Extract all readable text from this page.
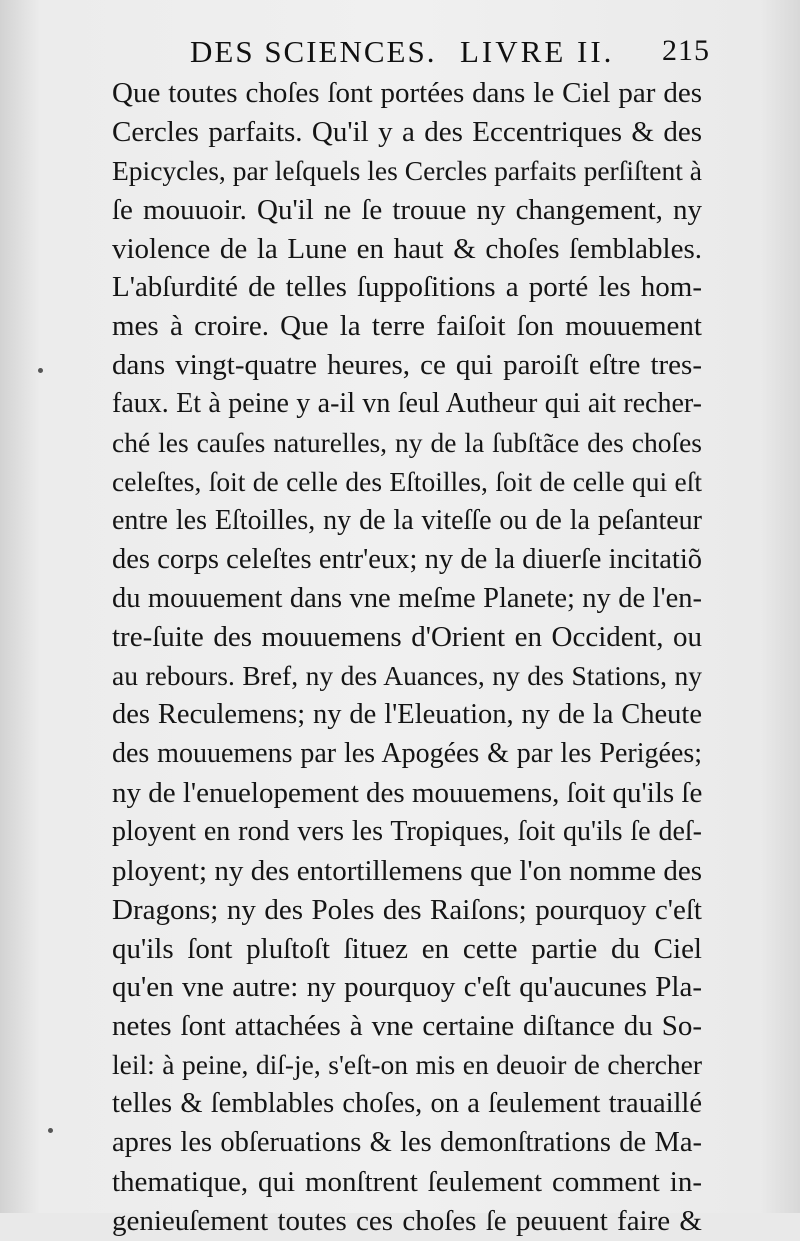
DES SCIENCES. LIVRE II. 215
Que toutes choſes ſont portées dans le Ciel par des
Cercles parfaits. Qu'il y a des Eccentriques & des
Epicycles, par leſquels les Cercles parfaits perſiſtent à
ſe mouuoir. Qu'il ne ſe trouue ny changement, ny
violence de la Lune en haut & choſes ſemblables.
L'abſurdité de telles ſuppoſitions a porté les hom-
mes à croire. Que la terre faiſoit ſon mouuement
dans vingt-quatre heures, ce qui paroiſt eſtre tres-
faux. Et à peine y a-il vn ſeul Autheur qui ait recher-
ché les cauſes naturelles, ny de la ſubſtãce des choſes
celeſtes, ſoit de celle des Eſtoilles, ſoit de celle qui eſt
entre les Eſtoilles, ny de la viteſſe ou de la peſanteur
des corps celeſtes entr'eux; ny de la diuerſe incitatiõ
du mouuement dans vne meſme Planete; ny de l'en-
tre-ſuite des mouuemens d'Orient en Occident, ou
au rebours. Bref, ny des Auances, ny des Stations, ny
des Reculemens; ny de l'Eleuation, ny de la Cheute
des mouuemens par les Apogées & par les Perigées;
ny de l'enuelopement des mouuemens, ſoit qu'ils ſe
ployent en rond vers les Tropiques, ſoit qu'ils ſe deſ-
ployent; ny des entortillemens que l'on nomme des
Dragons; ny des Poles des Raiſons; pourquoy c'eſt
qu'ils ſont pluſtoſt ſituez en cette partie du Ciel
qu'en vne autre: ny pourquoy c'eſt qu'aucunes Pla-
netes ſont attachées à vne certaine diſtance du So-
leil: à peine, diſ-je, s'eſt-on mis en deuoir de chercher
telles & ſemblables choſes, on a ſeulement trauaillé
apres les obſeruations & les demonſtrations de Ma-
thematique, qui monſtrent ſeulement comment in-
genieuſement toutes ces choſes ſe peuuent faire &
